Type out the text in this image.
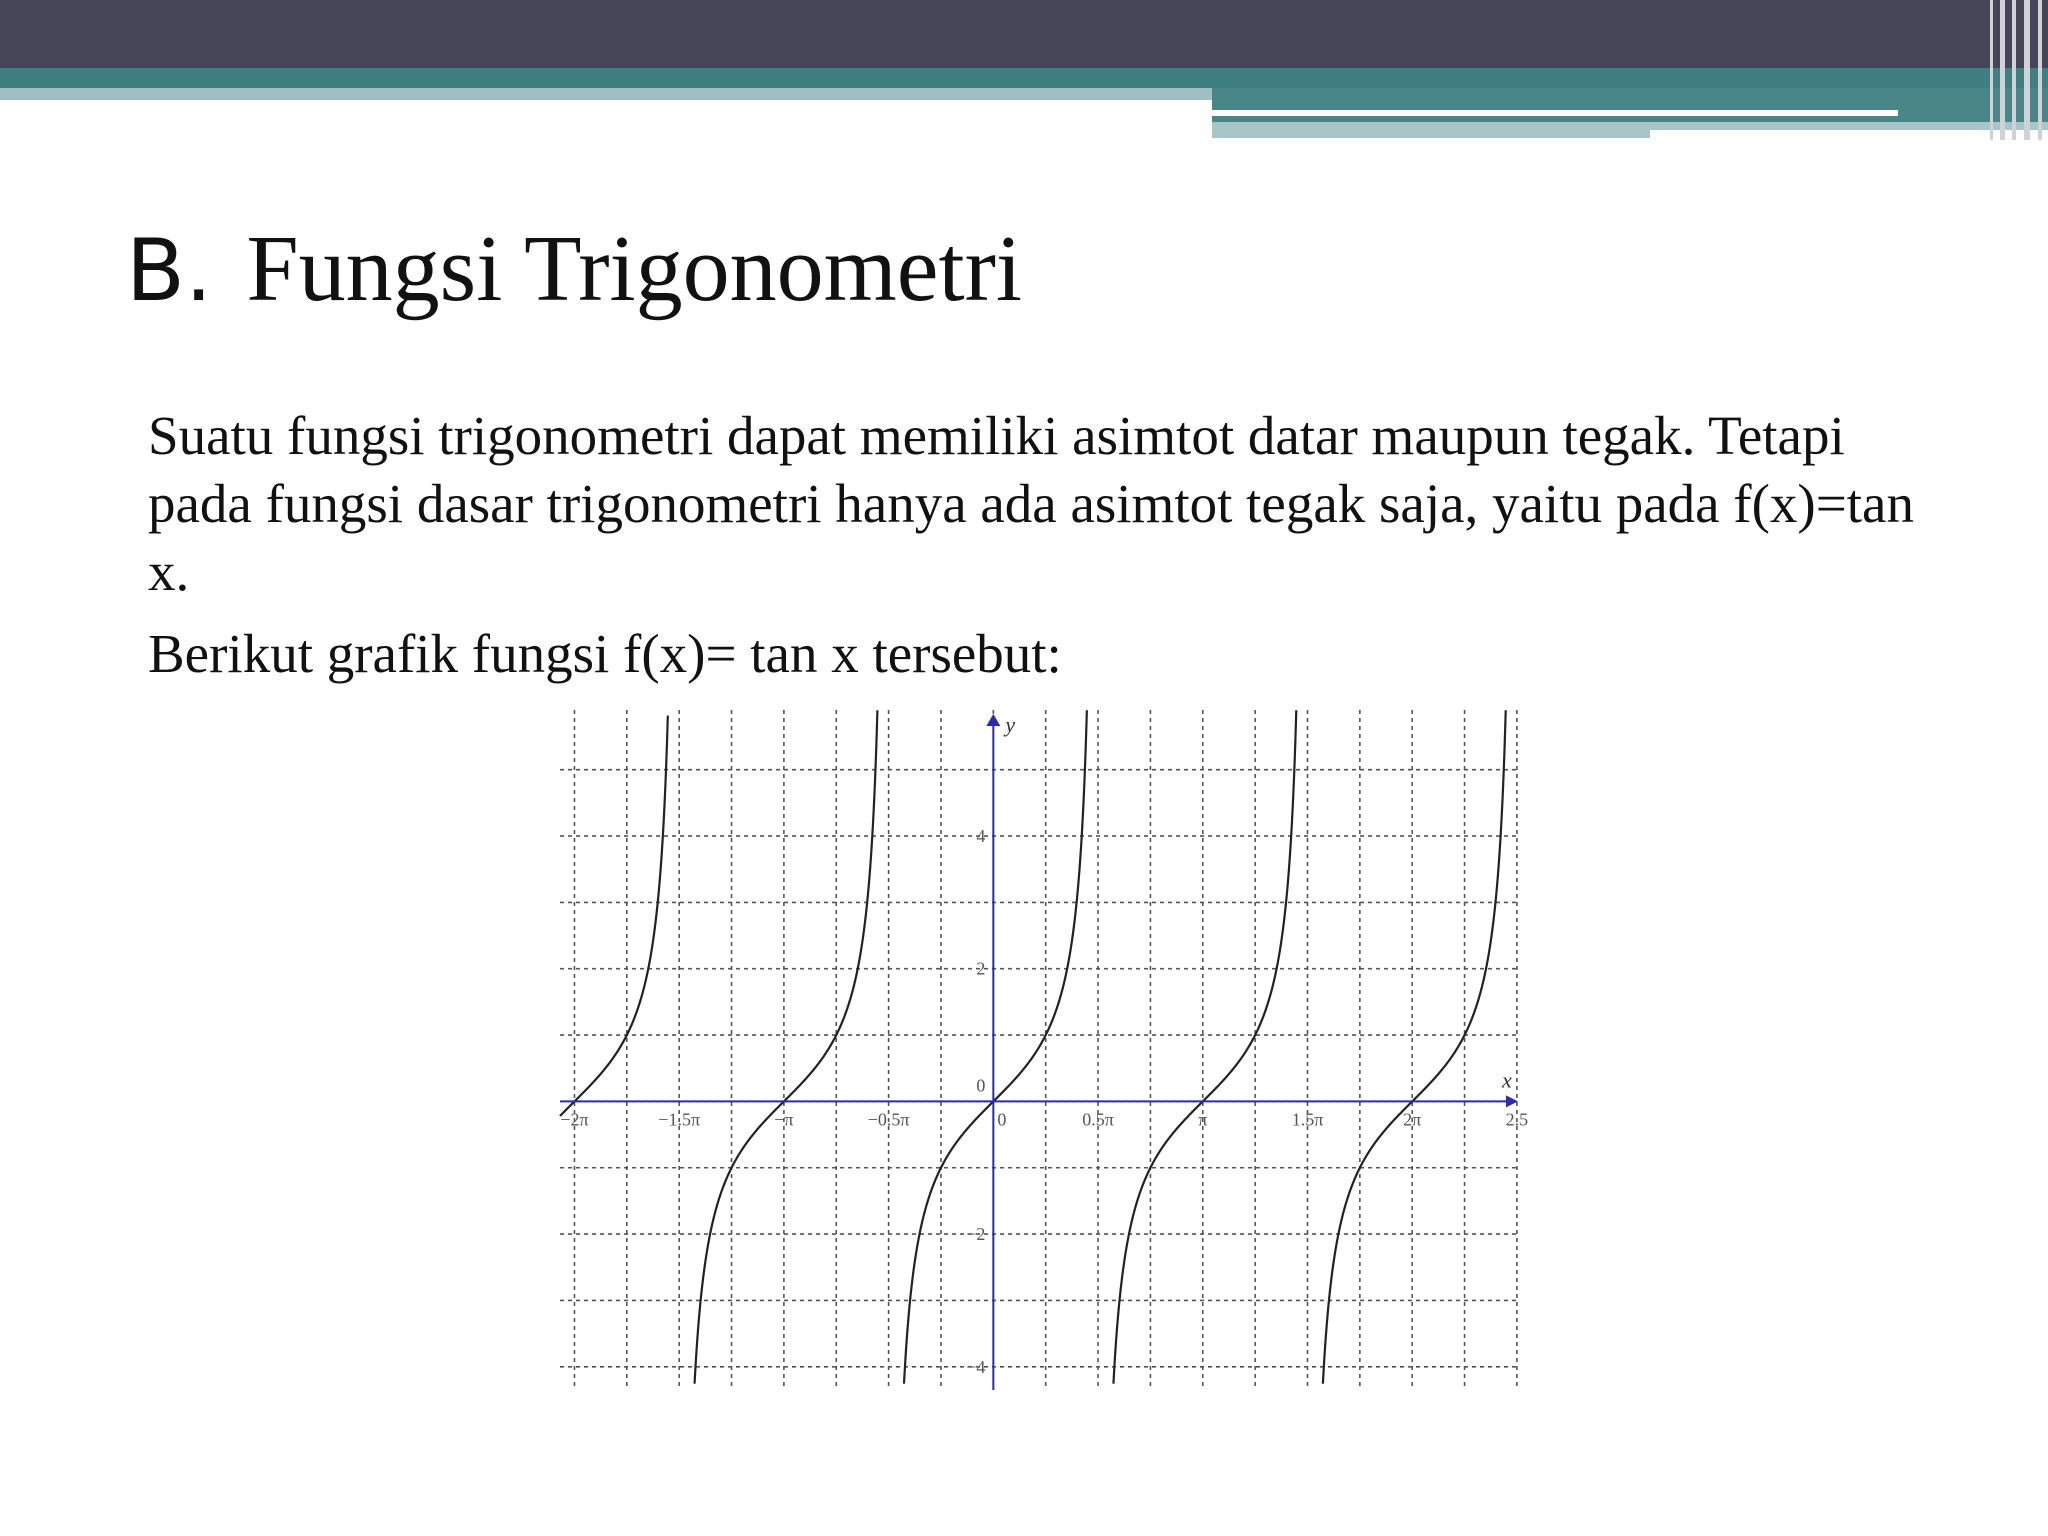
B. Fungsi Trigonometri

Suatu fungsi trigonometri dapat memiliki asimtot datar maupun tegak. Tetapi pada fungsi dasar trigonometri hanya ada asimtot tegak saja, yaitu pada f(x)=tan x.

Berikut grafik fungsi f(x)= tan x tersebut:

x
y
−2π	−1.5π	−π	−0.5π	0	0.5π	π	1.5π	2π	2.5
4
2
0
−2
−4
